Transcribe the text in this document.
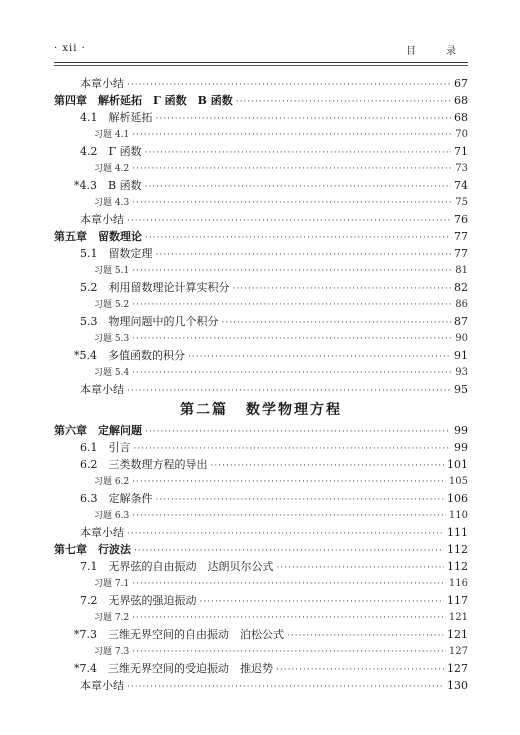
· xii ·	目　录
本章小结 ·····	67
第四章　解析延拓　Γ 函数　B 函数 ·····	68
4.1　解析延拓 ·····	68
习题 4.1 ·····	70
4.2　Γ 函数 ·····	71
习题 4.2 ·····	73
*4.3　B 函数 ·····	74
习题 4.3 ·····	75
本章小结 ·····	76
第五章　留数理论 ·····	77
5.1　留数定理 ·····	77
习题 5.1 ·····	81
5.2　利用留数理论计算实积分 ·····	82
习题 5.2 ·····	86
5.3　物理问题中的几个积分 ·····	87
习题 5.3 ·····	90
*5.4　多值函数的积分 ·····	91
习题 5.4 ·····	93
本章小结 ·····	95
第二篇 数学物理方程
第六章　定解问题 ·····	99
6.1　引言 ·····	99
6.2　三类数理方程的导出 ·····	101
习题 6.2 ·····	105
6.3　定解条件 ·····	106
习题 6.3 ·····	110
本章小结 ·····	111
第七章　行波法 ·····	112
7.1　无界弦的自由振动　达朗贝尔公式 ·····	112
习题 7.1 ·····	116
7.2　无界弦的强迫振动 ·····	117
习题 7.2 ·····	121
*7.3　三维无界空间的自由振动　泊松公式 ·····	121
习题 7.3 ·····	127
*7.4　三维无界空间的受迫振动　推迟势 ·····	127
本章小结 ·····	130
